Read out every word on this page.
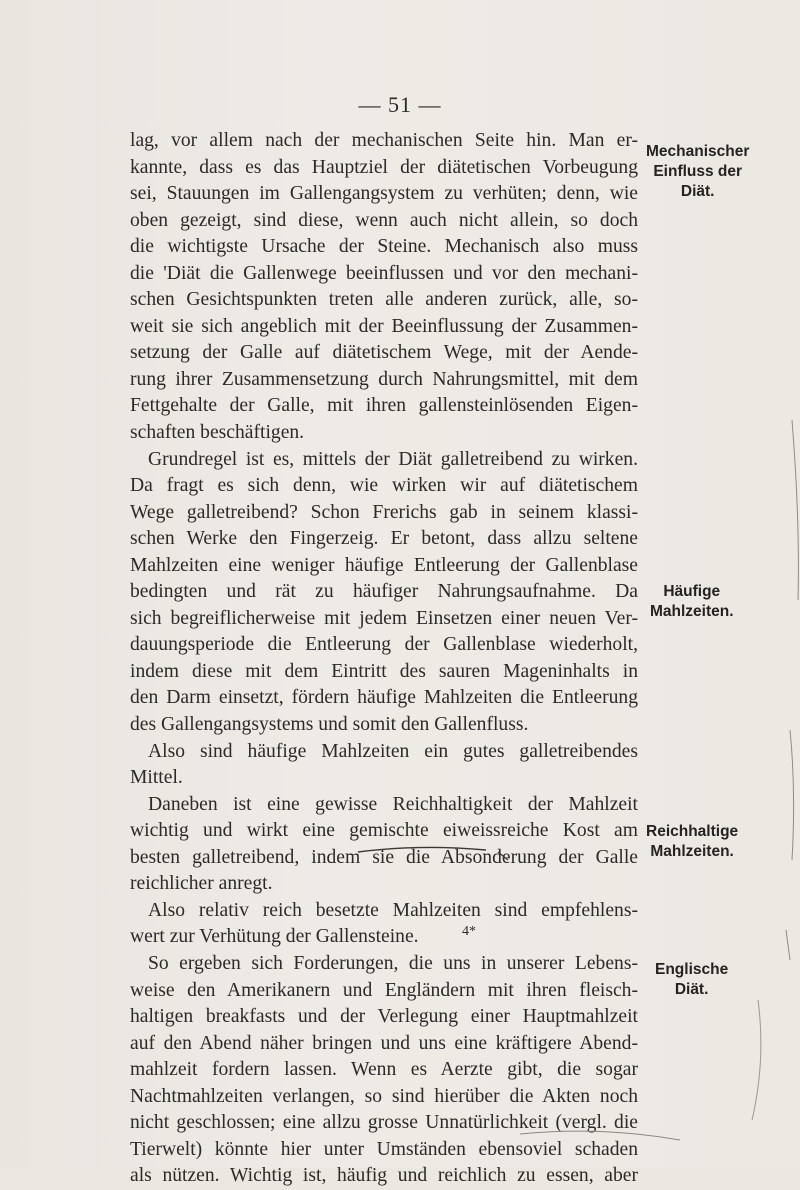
— 51 —
lag, vor allem nach der mechanischen Seite hin. Man er-
kannte, dass es das Hauptziel der diätetischen Vorbeugung
sei, Stauungen im Gallengangsystem zu verhüten; denn, wie
oben gezeigt, sind diese, wenn auch nicht allein, so doch
die wichtigste Ursache der Steine. Mechanisch also muss
die 'Diät die Gallenwege beeinflussen und vor den mechani-
schen Gesichtspunkten treten alle anderen zurück, alle, so-
weit sie sich angeblich mit der Beeinflussung der Zusammen-
setzung der Galle auf diätetischem Wege, mit der Aende-
rung ihrer Zusammensetzung durch Nahrungsmittel, mit dem
Fettgehalte der Galle, mit ihren gallensteinlösenden Eigen-
schaften beschäftigen.
Grundregel ist es, mittels der Diät galletreibend zu wirken.
Da fragt es sich denn, wie wirken wir auf diätetischem
Wege galletreibend? Schon Frerichs gab in seinem klassi-
schen Werke den Fingerzeig. Er betont, dass allzu seltene
Mahlzeiten eine weniger häufige Entleerung der Gallenblase
bedingten und rät zu häufiger Nahrungsaufnahme. Da
sich begreiflicherweise mit jedem Einsetzen einer neuen Ver-
dauungsperiode die Entleerung der Gallenblase wiederholt,
indem diese mit dem Eintritt des sauren Mageninhalts in
den Darm einsetzt, fördern häufige Mahlzeiten die Entleerung
des Gallengangsystems und somit den Gallenfluss.
Also sind häufige Mahlzeiten ein gutes galletreibendes
Mittel.
Daneben ist eine gewisse Reichhaltigkeit der Mahlzeit
wichtig und wirkt eine gemischte eiweissreiche Kost am
besten galletreibend, indem sie die Absonderung der Galle
reichlicher anregt.
Also relativ reich besetzte Mahlzeiten sind empfehlens-
wert zur Verhütung der Gallensteine.
So ergeben sich Forderungen, die uns in unserer Lebens-
weise den Amerikanern und Engländern mit ihren fleisch-
haltigen breakfasts und der Verlegung einer Hauptmahlzeit
auf den Abend näher bringen und uns eine kräftigere Abend-
mahlzeit fordern lassen. Wenn es Aerzte gibt, die sogar
Nachtmahlzeiten verlangen, so sind hierüber die Akten noch
nicht geschlossen; eine allzu grosse Unnatürlichkeit (vergl. die
Tierwelt) könnte hier unter Umständen ebensoviel schaden
als nützen. Wichtig ist, häufig und reichlich zu essen, aber
4*
Mechanischer
Einfluss der
Diät.
Häufige
Mahlzeiten.
Reichhaltige
Mahlzeiten.
Englische
Diät.
